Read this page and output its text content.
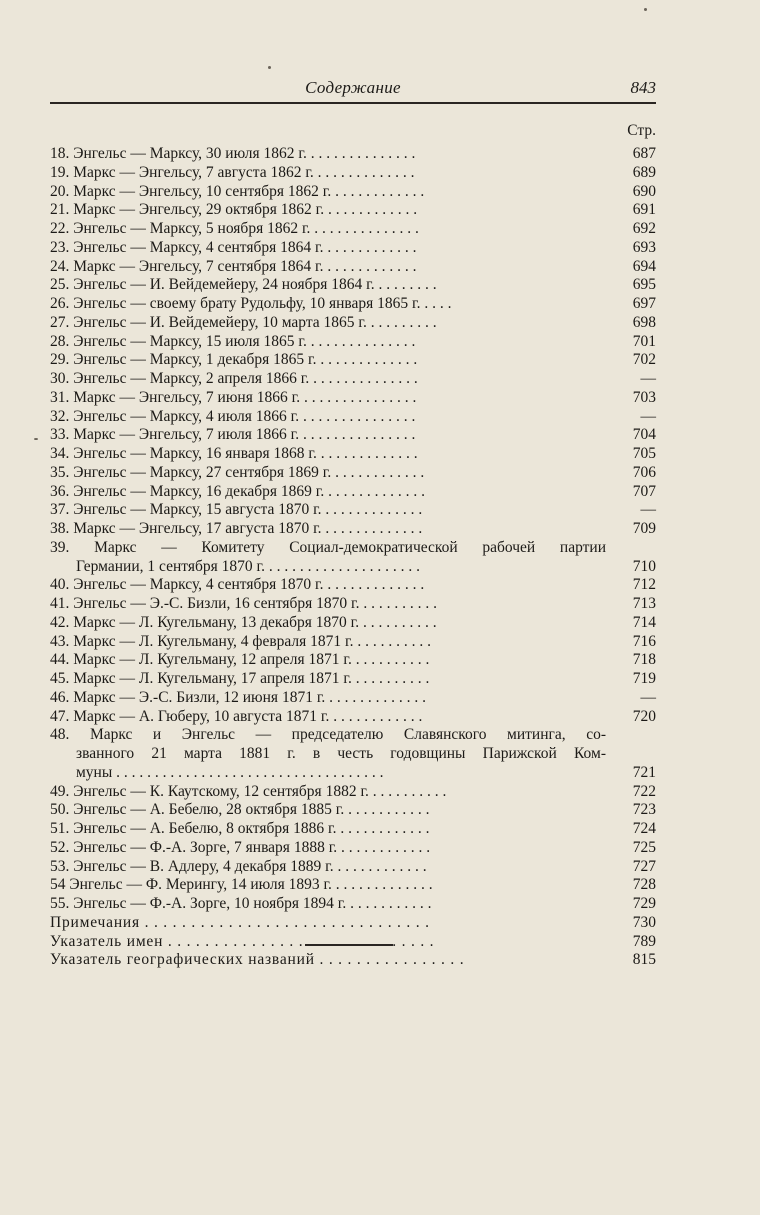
Содержание	843
Стр.
18. Энгельс — Марксу, 30 июля 1862 г. . . . . . . . . . . . . . .	687
19. Маркс — Энгельсу, 7 августа 1862 г. . . . . . . . . . . . . .	689
20. Маркс — Энгельсу, 10 сентября 1862 г. . . . . . . . . . . . .	690
21. Маркс — Энгельсу, 29 октября 1862 г. . . . . . . . . . . . .	691
22. Энгельс — Марксу, 5 ноября 1862 г. . . . . . . . . . . . . . .	692
23. Энгельс — Марксу, 4 сентября 1864 г. . . . . . . . . . . . .	693
24. Маркс — Энгельсу, 7 сентября 1864 г. . . . . . . . . . . . .	694
25. Энгельс — И. Вейдемейеру, 24 ноября 1864 г. . . . . . . . .	695
26. Энгельс — своему брату Рудольфу, 10 января 1865 г. . . . .	697
27. Энгельс — И. Вейдемейеру, 10 марта 1865 г. . . . . . . . . .	698
28. Энгельс — Марксу, 15 июля 1865 г. . . . . . . . . . . . . . .	701
29. Энгельс — Марксу, 1 декабря 1865 г. . . . . . . . . . . . . .	702
30. Энгельс — Марксу, 2 апреля 1866 г. . . . . . . . . . . . . . .	—
31. Маркс — Энгельсу, 7 июня 1866 г. . . . . . . . . . . . . . . .	703
32. Энгельс — Марксу, 4 июля 1866 г. . . . . . . . . . . . . . . .	—
33. Маркс — Энгельсу, 7 июля 1866 г. . . . . . . . . . . . . . . .	704
34. Энгельс — Марксу, 16 января 1868 г. . . . . . . . . . . . . .	705
35. Энгельс — Марксу, 27 сентября 1869 г. . . . . . . . . . . . .	706
36. Энгельс — Марксу, 16 декабря 1869 г. . . . . . . . . . . . . .	707
37. Энгельс — Марксу, 15 августа 1870 г. . . . . . . . . . . . . .	—
38. Маркс — Энгельсу, 17 августа 1870 г. . . . . . . . . . . . . .	709
39. Маркс — Комитету Социал-демократической рабочей партии
Германии, 1 сентября 1870 г. . . . . . . . . . . . . . . . . . . . .	710
40. Энгельс — Марксу, 4 сентября 1870 г. . . . . . . . . . . . . .	712
41. Энгельс — Э.-С. Бизли, 16 сентября 1870 г. . . . . . . . . . .	713
42. Маркс — Л. Кугельману, 13 декабря 1870 г. . . . . . . . . . .	714
43. Маркс — Л. Кугельману, 4 февраля 1871 г. . . . . . . . . . .	716
44. Маркс — Л. Кугельману, 12 апреля 1871 г. . . . . . . . . . .	718
45. Маркс — Л. Кугельману, 17 апреля 1871 г. . . . . . . . . . .	719
46. Маркс — Э.-С. Бизли, 12 июня 1871 г. . . . . . . . . . . . . .	—
47. Маркс — А. Гюберу, 10 августа 1871 г. . . . . . . . . . . . .	720
48. Маркс и Энгельс — председателю Славянского митинга, со-
званного 21 марта 1881 г. в честь годовщины Парижской Ком-
муны . . . . . . . . . . . . . . . . . . . . . . . . . . . . . . . . . . .	721
49. Энгельс — К. Каутскому, 12 сентября 1882 г. . . . . . . . . . .	722
50. Энгельс — А. Бебелю, 28 октября 1885 г. . . . . . . . . . . .	723
51. Энгельс — А. Бебелю, 8 октября 1886 г. . . . . . . . . . . . .	724
52. Энгельс — Ф.-А. Зорге, 7 января 1888 г. . . . . . . . . . . . .	725
53. Энгельс — В. Адлеру, 4 декабря 1889 г. . . . . . . . . . . . .	727
54 Энгельс — Ф. Мерингу, 14 июля 1893 г. . . . . . . . . . . . . .	728
55. Энгельс — Ф.-А. Зорге, 10 ноября 1894 г. . . . . . . . . . . .	729
Примечания . . . . . . . . . . . . . . . . . . . . . . . . . . . . . . .	730
Указатель имен . . . . . . . . . . . . . . . . . . . . . . . . . . . . .	789
Указатель географических названий . . . . . . . . . . . . . . . .	815
